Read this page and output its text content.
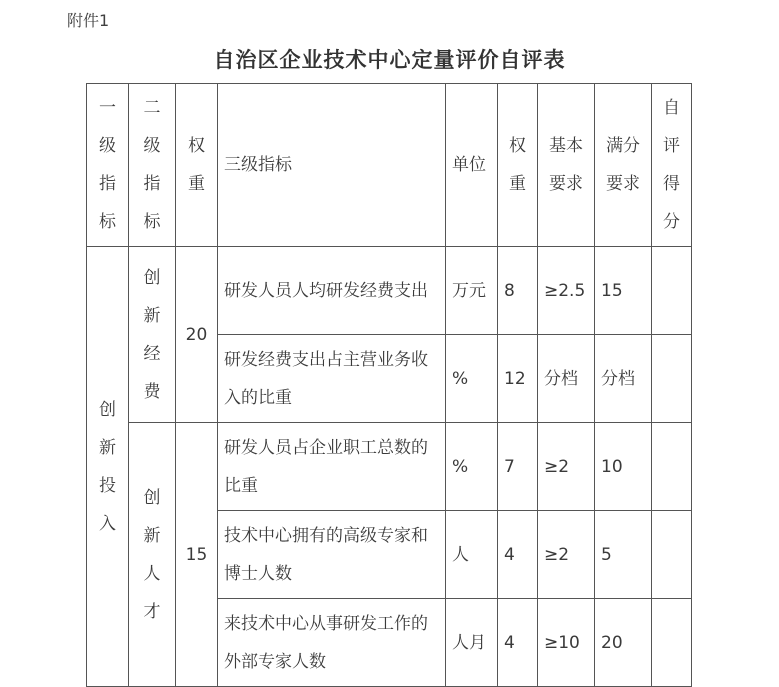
附件1
自治区企业技术中心定量评价自评表
一级指标	二级指标	权重	三级指标	单位	权重	基本要求	满分要求	自评得分

创新投入	创新经费	20	研发人员人均研发经费支出	万元	8	≥2.5	15	

			研发经费支出占主营业务收入的比重	%	12	分档	分档	

	创新人才	15	研发人员占企业职工总数的比重	%	7	≥2	10	

			技术中心拥有的高级专家和博士人数	人	4	≥2	5	

			来技术中心从事研发工作的外部专家人数	人月	4	≥10	20	
